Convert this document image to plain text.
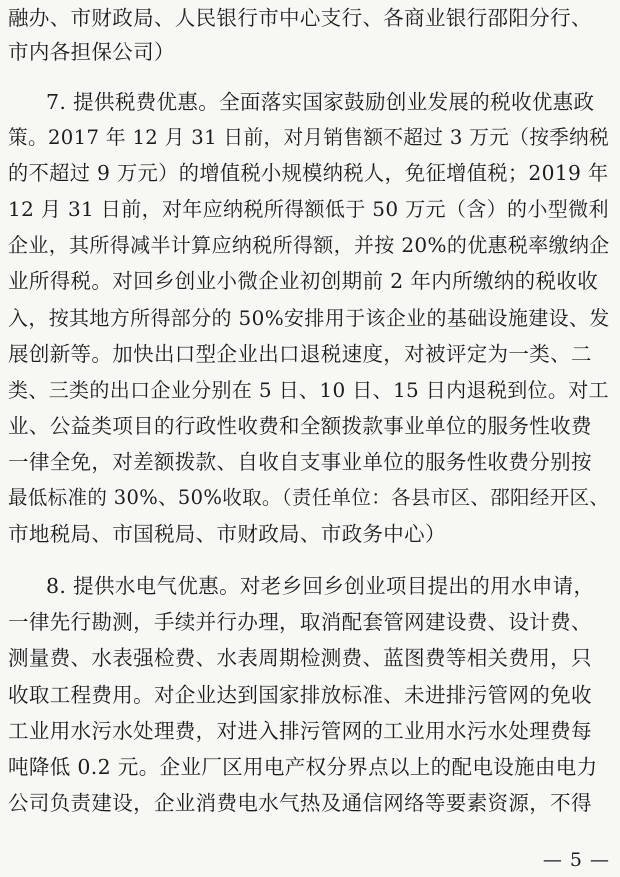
融办、市财政局、人民银行市中心支行、各商业银行邵阳分行、
市内各担保公司）
7. 提供税费优惠。全面落实国家鼓励创业发展的税收优惠政
策。2017 年 12 月 31 日前，对月销售额不超过 3 万元（按季纳税
的不超过 9 万元）的增值税小规模纳税人，免征增值税；2019 年
12 月 31 日前，对年应纳税所得额低于 50 万元（含）的小型微利
企业，其所得减半计算应纳税所得额，并按 20%的优惠税率缴纳企
业所得税。对回乡创业小微企业初创期前 2 年内所缴纳的税收收
入，按其地方所得部分的 50%安排用于该企业的基础设施建设、发
展创新等。加快出口型企业出口退税速度，对被评定为一类、二
类、三类的出口企业分别在 5 日、10 日、15 日内退税到位。对工
业、公益类项目的行政性收费和全额拨款事业单位的服务性收费
一律全免，对差额拨款、自收自支事业单位的服务性收费分别按
最低标准的 30%、50%收取。（责任单位：各县市区、邵阳经开区、
市地税局、市国税局、市财政局、市政务中心）
8. 提供水电气优惠。对老乡回乡创业项目提出的用水申请，
一律先行勘测，手续并行办理，取消配套管网建设费、设计费、
测量费、水表强检费、水表周期检测费、蓝图费等相关费用，只
收取工程费用。对企业达到国家排放标准、未进排污管网的免收
工业用水污水处理费，对进入排污管网的工业用水污水处理费每
吨降低 0.2 元。企业厂区用电产权分界点以上的配电设施由电力
公司负责建设，企业消费电水气热及通信网络等要素资源，不得
— 5 —
